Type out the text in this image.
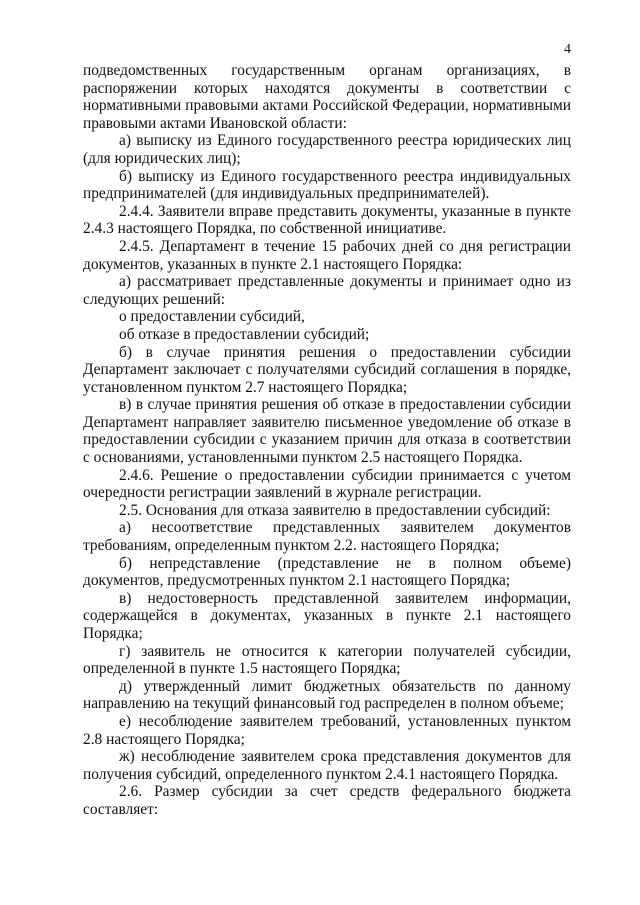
4

подведомственных государственным органам организациях, в распоряжении которых находятся документы в соответствии с нормативными правовыми актами Российской Федерации, нормативными правовыми актами Ивановской области:

а) выписку из Единого государственного реестра юридических лиц (для юридических лиц);

б) выписку из Единого государственного реестра индивидуальных предпринимателей (для индивидуальных предпринимателей).

2.4.4. Заявители вправе представить документы, указанные в пункте 2.4.3 настоящего Порядка, по собственной инициативе.

2.4.5. Департамент в течение 15 рабочих дней со дня регистрации документов, указанных в пункте 2.1 настоящего Порядка:

а) рассматривает представленные документы и принимает одно из следующих решений:

о предоставлении субсидий,

об отказе в предоставлении субсидий;

б) в случае принятия решения о предоставлении субсидии Департамент заключает с получателями субсидий соглашения в порядке, установленном пунктом 2.7 настоящего Порядка;

в) в случае принятия решения об отказе в предоставлении субсидии Департамент направляет заявителю письменное уведомление об отказе в предоставлении субсидии с указанием причин для отказа в соответствии с основаниями, установленными пунктом 2.5 настоящего Порядка.

2.4.6. Решение о предоставлении субсидии принимается с учетом очередности регистрации заявлений в журнале регистрации.

2.5. Основания для отказа заявителю в предоставлении субсидий:

а) несоответствие представленных заявителем документов требованиям, определенным пунктом 2.2. настоящего Порядка;

б) непредставление (представление не в полном объеме) документов, предусмотренных пунктом 2.1 настоящего Порядка;

в) недостоверность представленной заявителем информации, содержащейся в документах, указанных в пункте 2.1 настоящего Порядка;

г) заявитель не относится к категории получателей субсидии, определенной в пункте 1.5 настоящего Порядка;

д) утвержденный лимит бюджетных обязательств по данному направлению на текущий финансовый год распределен в полном объеме;

е) несоблюдение заявителем требований, установленных пунктом 2.8 настоящего Порядка;

ж) несоблюдение заявителем срока представления документов для получения субсидий, определенного пунктом 2.4.1 настоящего Порядка.

2.6. Размер субсидии за счет средств федерального бюджета составляет:
